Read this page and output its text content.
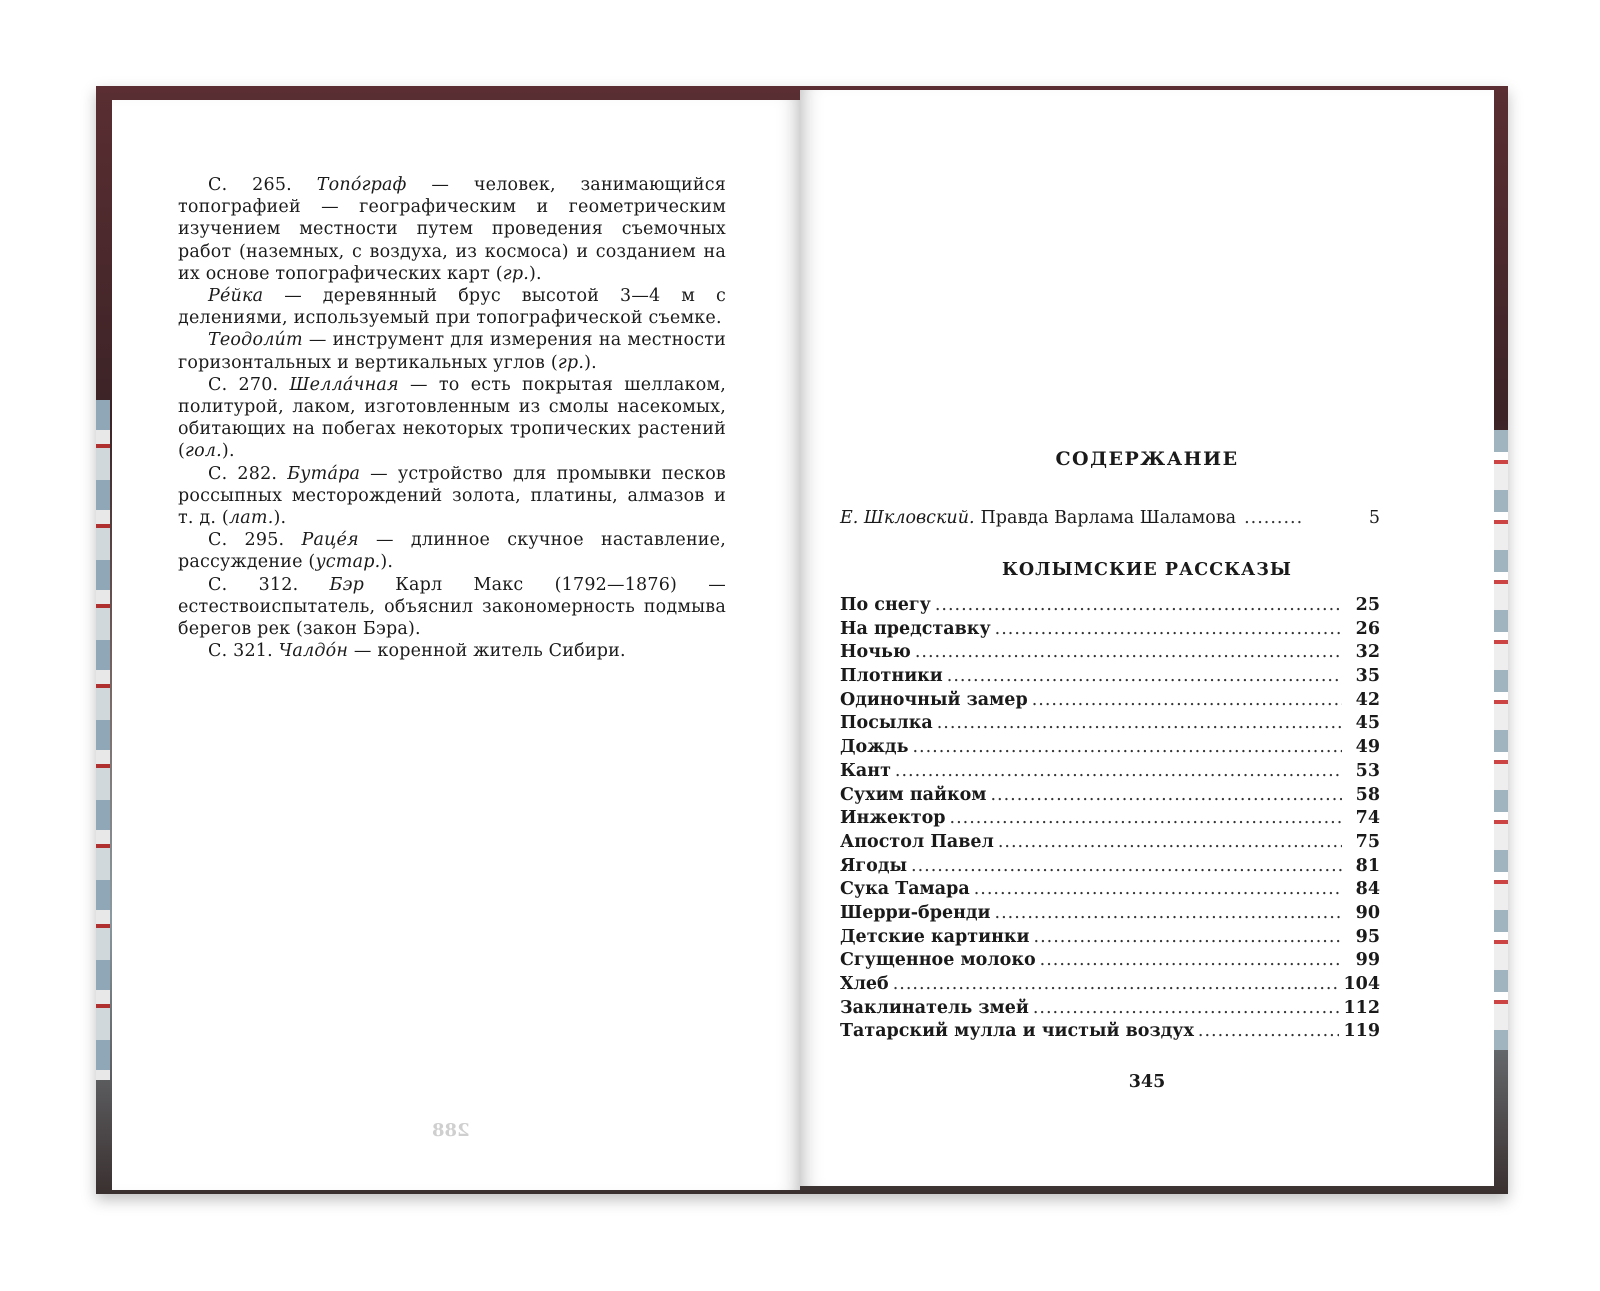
С. 265. Топо́граф — человек, занимающийся топографией — географическим и геометрическим изучением местности путем проведения съемочных работ (наземных, с воздуха, из космоса) и созданием на их основе топографических карт (гр.).

Ре́йка — деревянный брус высотой 3—4 м с делениями, используемый при топографической съемке.

Теодоли́т — инструмент для измерения на местности горизонтальных и вертикальных углов (гр.).

С. 270. Шелла́чная — то есть покрытая шеллаком, политурой, лаком, изготовленным из смолы насекомых, обитающих на побегах некоторых тропических растений (гол.).

С. 282. Бута́ра — устройство для промывки песков россыпных месторождений золота, платины, алмазов и т. д. (лат.).

С. 295. Раце́я — длинное скучное наставление, рассуждение (устар.).

С. 312. Бэр Карл Макс (1792—1876) — естествоиспытатель, объяснил закономерность подмыва берегов рек (закон Бэра).

С. 321. Чалдо́н — коренной житель Сибири.

288
СОДЕРЖАНИЕ
Е. Шкловский. Правда Варлама Шаламова .....	5
КОЛЫМСКИЕ РАССКАЗЫ
По снегу .....	25
На представку .....	26
Ночью .....	32
Плотники .....	35
Одиночный замер .....	42
Посылка .....	45
Дождь .....	49
Кант .....	53
Сухим пайком .....	58
Инжектор .....	74
Апостол Павел .....	75
Ягоды .....	81
Сука Тамара .....	84
Шерри-бренди .....	90
Детские картинки .....	95
Сгущенное молоко .....	99
Хлеб .....	104
Заклинатель змей .....	112
Татарский мулла и чистый воздух .....	119
345
